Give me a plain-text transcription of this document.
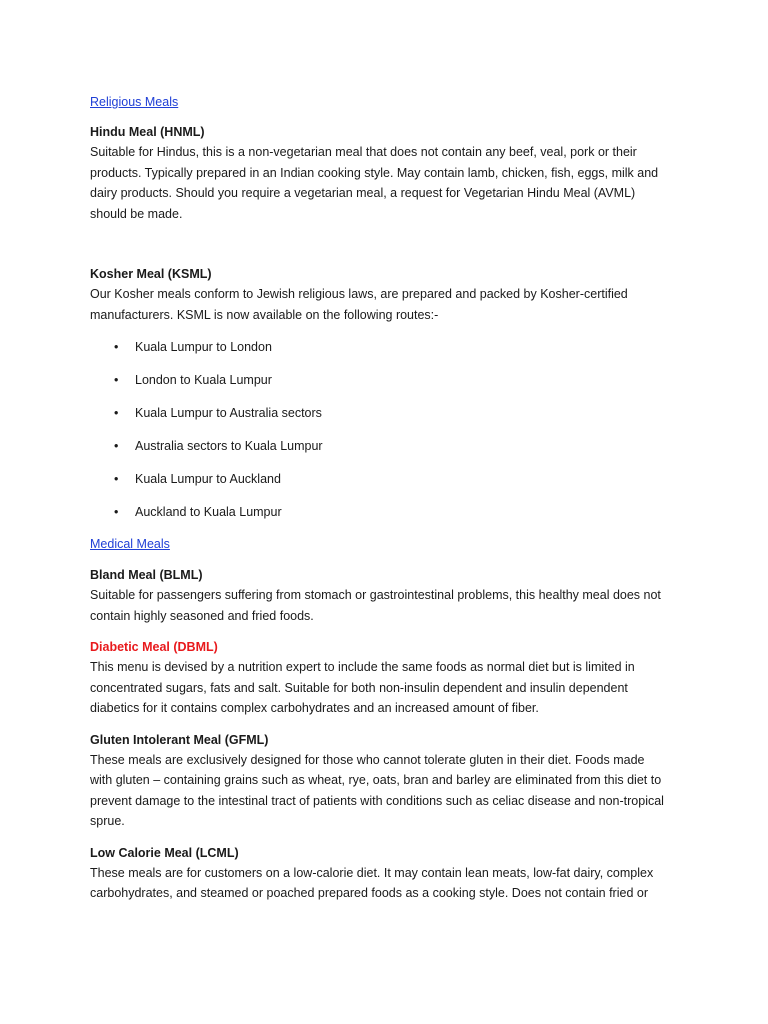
Religious Meals
Hindu Meal (HNML)
Suitable for Hindus, this is a non-vegetarian meal that does not contain any beef, veal, pork or their
products. Typically prepared in an Indian cooking style. May contain lamb, chicken, fish, eggs, milk and
dairy products. Should you require a vegetarian meal, a request for Vegetarian Hindu Meal (AVML)
should be made.
Kosher Meal (KSML)
Our Kosher meals conform to Jewish religious laws, are prepared and packed by Kosher-certified
manufacturers. KSML is now available on the following routes:-
• Kuala Lumpur to London
• London to Kuala Lumpur
• Kuala Lumpur to Australia sectors
• Australia sectors to Kuala Lumpur
• Kuala Lumpur to Auckland
• Auckland to Kuala Lumpur
Medical Meals
Bland Meal (BLML)
Suitable for passengers suffering from stomach or gastrointestinal problems, this healthy meal does not
contain highly seasoned and fried foods.
Diabetic Meal (DBML)
This menu is devised by a nutrition expert to include the same foods as normal diet but is limited in
concentrated sugars, fats and salt. Suitable for both non-insulin dependent and insulin dependent
diabetics for it contains complex carbohydrates and an increased amount of fiber.
Gluten Intolerant Meal (GFML)
These meals are exclusively designed for those who cannot tolerate gluten in their diet. Foods made
with gluten – containing grains such as wheat, rye, oats, bran and barley are eliminated from this diet to
prevent damage to the intestinal tract of patients with conditions such as celiac disease and non-tropical
sprue.
Low Calorie Meal (LCML)
These meals are for customers on a low-calorie diet. It may contain lean meats, low-fat dairy, complex
carbohydrates, and steamed or poached prepared foods as a cooking style. Does not contain fried or
